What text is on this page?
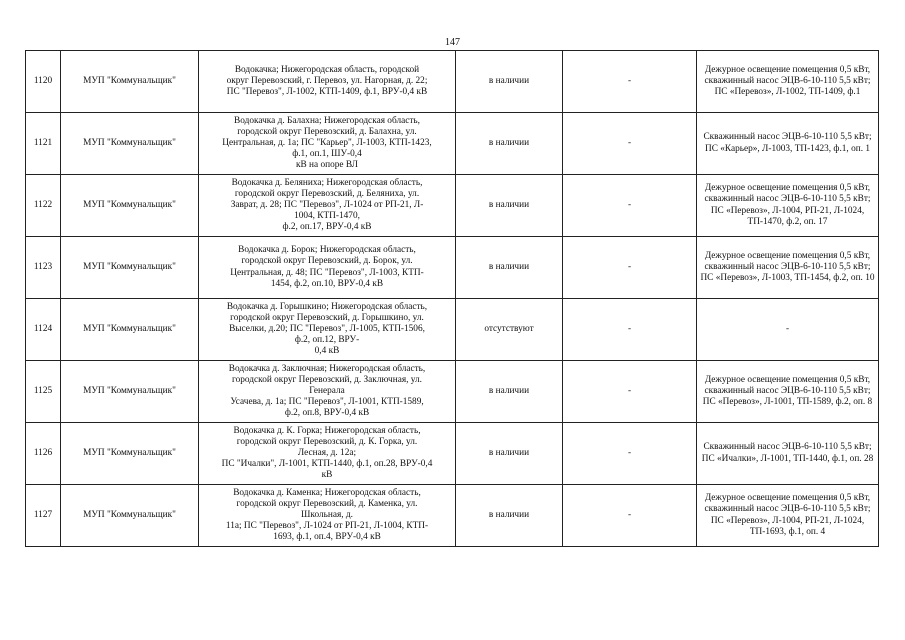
147
1120	МУП "Коммунальщик"	Водокачка; Нижегородская область, городской
округ Перевозский, г. Перевоз, ул. Нагорная, д. 22;
ПС "Перевоз", Л-1002, КТП-1409, ф.1, ВРУ-0,4 кВ	в наличии	-	Дежурное освещение помещения 0,5 кВт, скважинный насос ЭЦВ-6-10-110 5,5 кВт; ПС «Перевоз», Л-1002, ТП-1409, ф.1
1121	МУП "Коммунальщик"	Водокачка д. Балахна; Нижегородская область,
городской округ Перевозский, д. Балахна, ул.
Центральная, д. 1а; ПС "Карьер", Л-1003, КТП-1423,
ф.1, оп.1, ШУ-0,4
кВ на опоре ВЛ	в наличии	-	Скважинный насос ЭЦВ-6-10-110 5,5 кВт; ПС «Карьер», Л-1003, ТП-1423, ф.1, оп. 1
1122	МУП "Коммунальщик"	Водокачка д. Беляниха; Нижегородская область,
городской округ Перевозский, д. Беляниха, ул.
Заврат, д. 28; ПС "Перевоз", Л-1024 от РП-21, Л-
1004, КТП-1470,
ф.2, оп.17, ВРУ-0,4 кВ	в наличии	-	Дежурное освещение помещения 0,5 кВт, скважинный насос ЭЦВ-6-10-110 5,5 кВт; ПС «Перевоз», Л-1004, РП-21, Л-1024, ТП-1470, ф.2, оп. 17
1123	МУП "Коммунальщик"	Водокачка д. Борок; Нижегородская область,
городской округ Перевозский, д. Борок, ул.
Центральная, д. 48; ПС "Перевоз", Л-1003, КТП-
1454, ф.2, оп.10, ВРУ-0,4 кВ	в наличии	-	Дежурное освещение помещения 0,5 кВт, скважинный насос ЭЦВ-6-10-110 5,5 кВт; ПС «Перевоз», Л-1003, ТП-1454, ф.2, оп. 10
1124	МУП "Коммунальщик"	Водокачка д. Горышкино; Нижегородская область,
городской округ Перевозский, д. Горышкино, ул.
Выселки, д.20; ПС "Перевоз", Л-1005, КТП-1506,
ф.2, оп.12, ВРУ-
0,4 кВ	отсутствуют	-	-
1125	МУП "Коммунальщик"	Водокачка д. Заключная; Нижегородская область,
городской округ Перевозский, д. Заключная, ул.
Генерала
Усачева, д. 1а; ПС "Перевоз", Л-1001, КТП-1589,
ф.2, оп.8, ВРУ-0,4 кВ	в наличии	-	Дежурное освещение помещения 0,5 кВт, скважинный насос ЭЦВ-6-10-110 5,5 кВт; ПС «Перевоз», Л-1001, ТП-1589, ф.2, оп. 8
1126	МУП "Коммунальщик"	Водокачка д. К. Горка; Нижегородская область,
городской округ Перевозский, д. К. Горка, ул.
Лесная, д. 12а;
ПС "Ичалки", Л-1001, КТП-1440, ф.1, оп.28, ВРУ-0,4
кВ	в наличии	-	Скважинный насос ЭЦВ-6-10-110 5,5 кВт; ПС «Ичалки», Л-1001, ТП-1440, ф.1, оп. 28
1127	МУП "Коммунальщик"	Водокачка д. Каменка; Нижегородская область,
городской округ Перевозский, д. Каменка, ул.
Школьная, д.
11а; ПС "Перевоз", Л-1024 от РП-21, Л-1004, КТП-
1693, ф.1, оп.4, ВРУ-0,4 кВ	в наличии	-	Дежурное освещение помещения 0,5 кВт, скважинный насос ЭЦВ-6-10-110 5,5 кВт; ПС «Перевоз», Л-1004, РП-21, Л-1024, ТП-1693, ф.1, оп. 4
